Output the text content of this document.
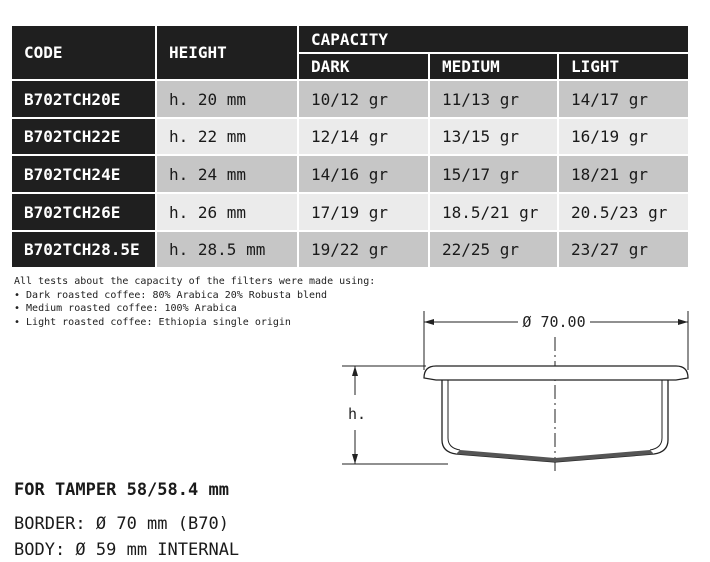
CODE	HEIGHT
CAPACITY
DARK	MEDIUM	LIGHT
B702TCH20E	h. 20 mm	10/12 gr	11/13 gr	14/17 gr
B702TCH22E	h. 22 mm	12/14 gr	13/15 gr	16/19 gr
B702TCH24E	h. 24 mm	14/16 gr	15/17 gr	18/21 gr
B702TCH26E	h. 26 mm	17/19 gr	18.5/21 gr	20.5/23 gr
B702TCH28.5E	h. 28.5 mm	19/22 gr	22/25 gr	23/27 gr
All tests about the capacity of the filters were made using:
• Dark roasted coffee: 80% Arabica 20% Robusta blend
• Medium roasted coffee: 100% Arabica
• Light roasted coffee: Ethiopia single origin	Ø 70.00
h.
FOR TAMPER 58/58.4 mm
BORDER: Ø 70 mm (B70)
BODY: Ø 59 mm INTERNAL
